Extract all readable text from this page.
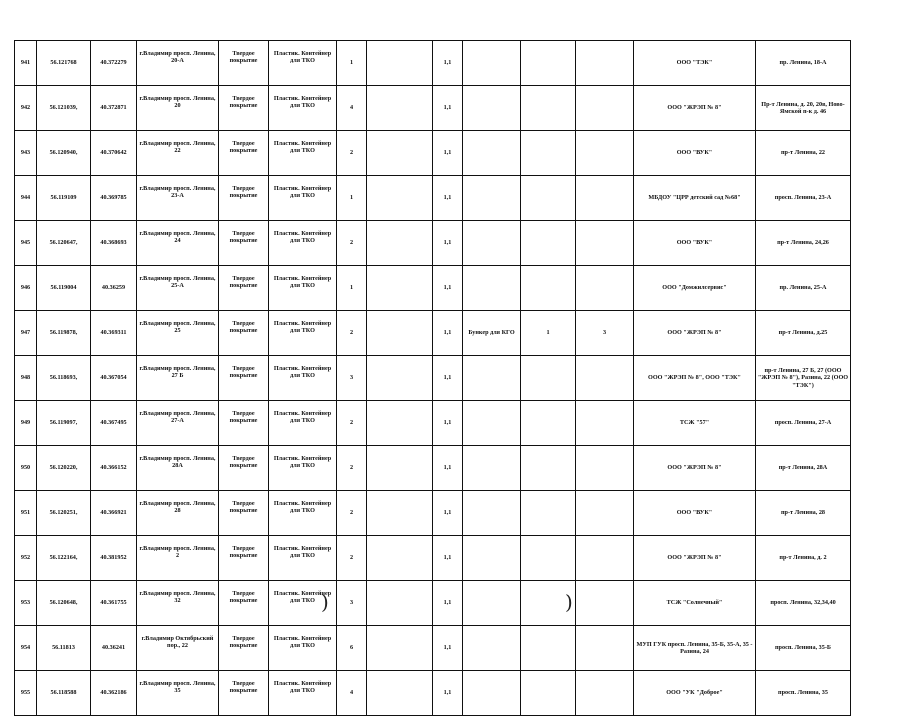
941	56.121768	40.372279	г.Владимир просп. Ленина, 20-А	Твердое покрытие	Пластик. Контейнер для ТКО	1		1,1				ООО "ТЭК"	пр. Ленина, 18-А
942	56.121039,	40.372871	г.Владимир просп. Ленина, 20	Твердое покрытие	Пластик. Контейнер для ТКО	4		1,1				ООО "ЖРЭП № 8"	Пр-т Ленина, д. 20, 20в, Ново-Ямской п-к д. 46
943	56.120940,	40.370642	г.Владимир просп. Ленина, 22	Твердое покрытие	Пластик. Контейнер для ТКО	2		1,1				ООО "ВУК"	пр-т Ленина, 22
944	56.119109	40.369785	г.Владимир просп. Ленина, 23-А	Твердое покрытие	Пластик. Контейнер для ТКО	1		1,1				МБДОУ "ЦРР детский сад №68"	просп. Ленина, 23-А
945	56.120647,	40.368693	г.Владимир просп. Ленина, 24	Твердое покрытие	Пластик. Контейнер для ТКО	2		1,1				ООО "ВУК"	пр-т Ленина, 24,26
946	56.119004	40.36259	г.Владимир просп. Ленина, 25-А	Твердое покрытие	Пластик. Контейнер для ТКО	1		1,1				ООО "Домжилсервис"	пр. Ленина, 25-А
947	56.119878,	40.369311	г.Владимир просп. Ленина, 25	Твердое покрытие	Пластик. Контейнер для ТКО	2		1,1	Бункер для КГО	1	3	ООО "ЖРЭП № 8"	пр-т Ленина, д.25
948	56.118693,	40.367054	г.Владимир просп. Ленина, 27 Б	Твердое покрытие	Пластик. Контейнер для ТКО	3		1,1				ООО "ЖРЭП № 8", ООО "ТЭК"	пр-т Ленина, 27 Б, 27 (ООО "ЖРЭП № 8"), Разина, 22 (ООО "ТЭК")
949	56.119097,	40.367495	г.Владимир просп. Ленина, 27-А	Твердое покрытие	Пластик. Контейнер для ТКО	2		1,1				ТСЖ "57"	просп. Ленина, 27-А
950	56.120220,	40.366152	г.Владимир просп. Ленина, 28А	Твердое покрытие	Пластик. Контейнер для ТКО	2		1,1				ООО "ЖРЭП № 8"	пр-т Ленина, 28А
951	56.120251,	40.366921	г.Владимир просп. Ленина, 28	Твердое покрытие	Пластик. Контейнер для ТКО	2		1,1				ООО "ВУК"	пр-т Ленина, 28
952	56.122164,	40.381952	г.Владимир просп. Ленина, 2	Твердое покрытие	Пластик. Контейнер для ТКО	2		1,1				ООО "ЖРЭП № 8"	пр-т Ленина, д. 2
953	56.120648,	40.361755	г.Владимир просп. Ленина, 32	Твердое покрытие	Пластик. Контейнер для ТКО	3		1,1				ТСЖ "Солнечный"	просп. Ленина, 32,34,40
954	56.11813	40.36241	г.Владимир Октябрьский пор., 22	Твердое покрытие	Пластик. Контейнер для ТКО	6		1,1				МУП ГУК просп. Ленина, 35-Б, 35-А, 35 - Разина, 24	просп. Ленина, 35-Б
955	56.118588	40.362186	г.Владимир просп. Ленина, 35	Твердое покрытие	Пластик. Контейнер для ТКО	4		1,1				ООО "УК "Доброе"	просп. Ленина, 35
)	)
